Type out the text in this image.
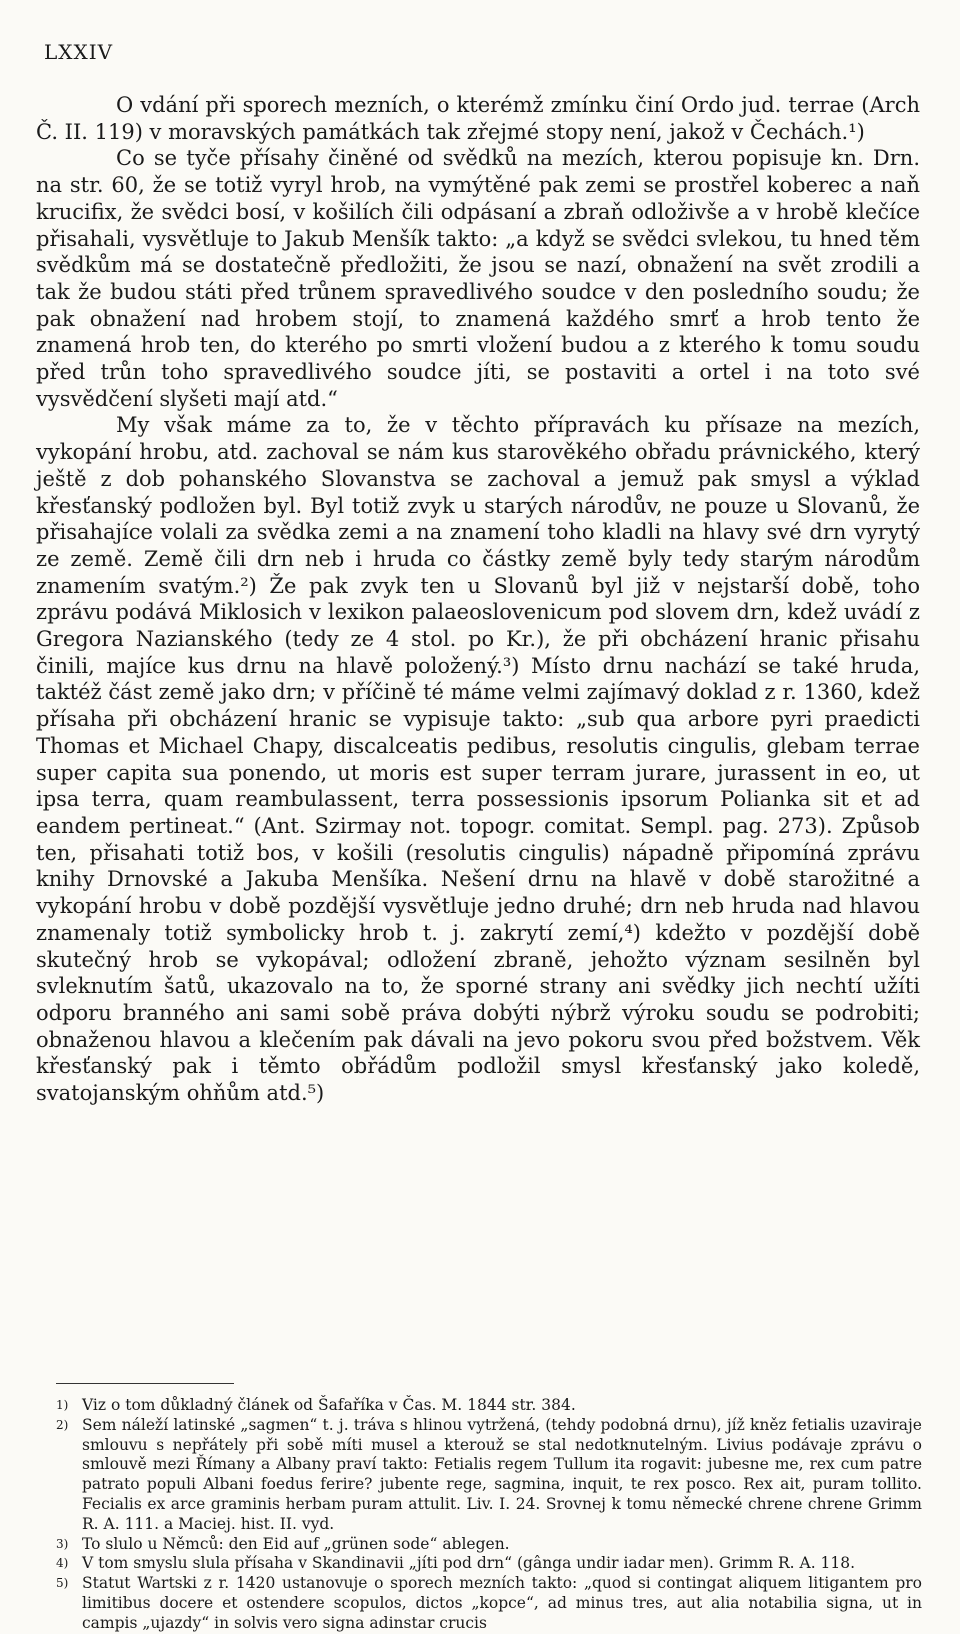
LXXIV

O vdání při sporech mezních, o kterémž zmínku činí Ordo jud. terrae (Arch Č. II. 119) v moravských památkách tak zřejmé stopy není, jakož v Čechách.¹)

Co se tyče přísahy činěné od svědků na mezích, kterou popisuje kn. Drn. na str. 60, že se totiž vyryl hrob, na vymýtěné pak zemi se prostřel koberec a naň krucifix, že svědci bosí, v košilích čili odpásaní a zbraň odloživše a v hrobě klečíce přisahali, vysvětluje to Jakub Menšík takto: „a když se svědci svlekou, tu hned těm svědkům má se dostatečně předložiti, že jsou se nazí, obnažení na svět zrodili a tak že budou státi před trůnem spravedlivého soudce v den posledního soudu; že pak obnažení nad hrobem stojí, to znamená každého smrť a hrob tento že znamená hrob ten, do kterého po smrti vložení budou a z kterého k tomu soudu před trůn toho spravedlivého soudce jíti, se postaviti a ortel i na toto své vysvědčení slyšeti mají atd.“

My však máme za to, že v těchto přípravách ku přísaze na mezích, vykopání hrobu, atd. zachoval se nám kus starověkého obřadu právnického, který ještě z dob pohanského Slovanstva se zachoval a jemuž pak smysl a výklad křesťanský podložen byl. Byl totiž zvyk u starých národův, ne pouze u Slovanů, že přisahajíce volali za svědka zemi a na znamení toho kladli na hlavy své drn vyrytý ze země. Země čili drn neb i hruda co částky země byly tedy starým národům znamením svatým.²) Že pak zvyk ten u Slovanů byl již v nejstarší době, toho zprávu podává Miklosich v lexikon palaeoslovenicum pod slovem drn, kdež uvádí z Gregora Nazianského (tedy ze 4 stol. po Kr.), že při obcházení hranic přisahu činili, majíce kus drnu na hlavě položený.³) Místo drnu nachází se také hruda, taktéž část země jako drn; v příčině té máme velmi zajímavý doklad z r. 1360, kdež přísaha při obcházení hranic se vypisuje takto: „sub qua arbore pyri praedicti Thomas et Michael Chapy, discalceatis pedibus, resolutis cingulis, glebam terrae super capita sua ponendo, ut moris est super terram jurare, jurassent in eo, ut ipsa terra, quam reambulassent, terra possessionis ipsorum Polianka sit et ad eandem pertineat.“ (Ant. Szirmay not. topogr. comitat. Sempl. pag. 273). Způsob ten, přisahati totiž bos, v košili (resolutis cingulis) nápadně připomíná zprávu knihy Drnovské a Jakuba Menšíka. Nešení drnu na hlavě v době starožitné a vykopání hrobu v době pozdější vysvětluje jedno druhé; drn neb hruda nad hlavou znamenaly totiž symbolicky hrob t. j. zakrytí zemí,⁴) kdežto v pozdější době skutečný hrob se vykopával; odložení zbraně, jehožto význam sesilněn byl svleknutím šatů, ukazovalo na to, že sporné strany ani svědky jich nechtí užíti odporu branného ani sami sobě práva dobýti nýbrž výroku soudu se podrobiti; obnaženou hlavou a klečením pak dávali na jevo pokoru svou před božstvem. Věk křesťanský pak i těmto obřádům podložil smysl křesťanský jako koledě, svatojanským ohňům atd.⁵)

1) Viz o tom důkladný článek od Šafaříka v Čas. M. 1844 str. 384.
2) Sem náleží latinské „sagmen“ t. j. tráva s hlinou vytržená, (tehdy podobná drnu), jíž kněz fetialis uzaviraje smlouvu s nepřátely při sobě míti musel a kterouž se stal nedotknutelným. Livius podávaje zprávu o smlouvě mezi Římany a Albany praví takto: Fetialis regem Tullum ita rogavit: jubesne me, rex cum patre patrato populi Albani foedus ferire? jubente rege, sagmina, inquit, te rex posco. Rex ait, puram tollito. Fecialis ex arce graminis herbam puram attulit. Liv. I. 24. Srovnej k tomu německé chrene chrene Grimm R. A. 111. a Maciej. hist. II. vyd.
3) To slulo u Němců: den Eid auf „grünen sode“ ablegen.
4) V tom smyslu slula přísaha v Skandinavii „jíti pod drn“ (gânga undir iadar men). Grimm R. A. 118.
5) Statut Wartski z r. 1420 ustanovuje o sporech mezních takto: „quod si contingat aliquem litigantem pro limitibus docere et ostendere scopulos, dictos „kopce“, ad minus tres, aut alia notabilia signa, ut in campis „ujazdy“ in solvis vero signa adinstar crucis
